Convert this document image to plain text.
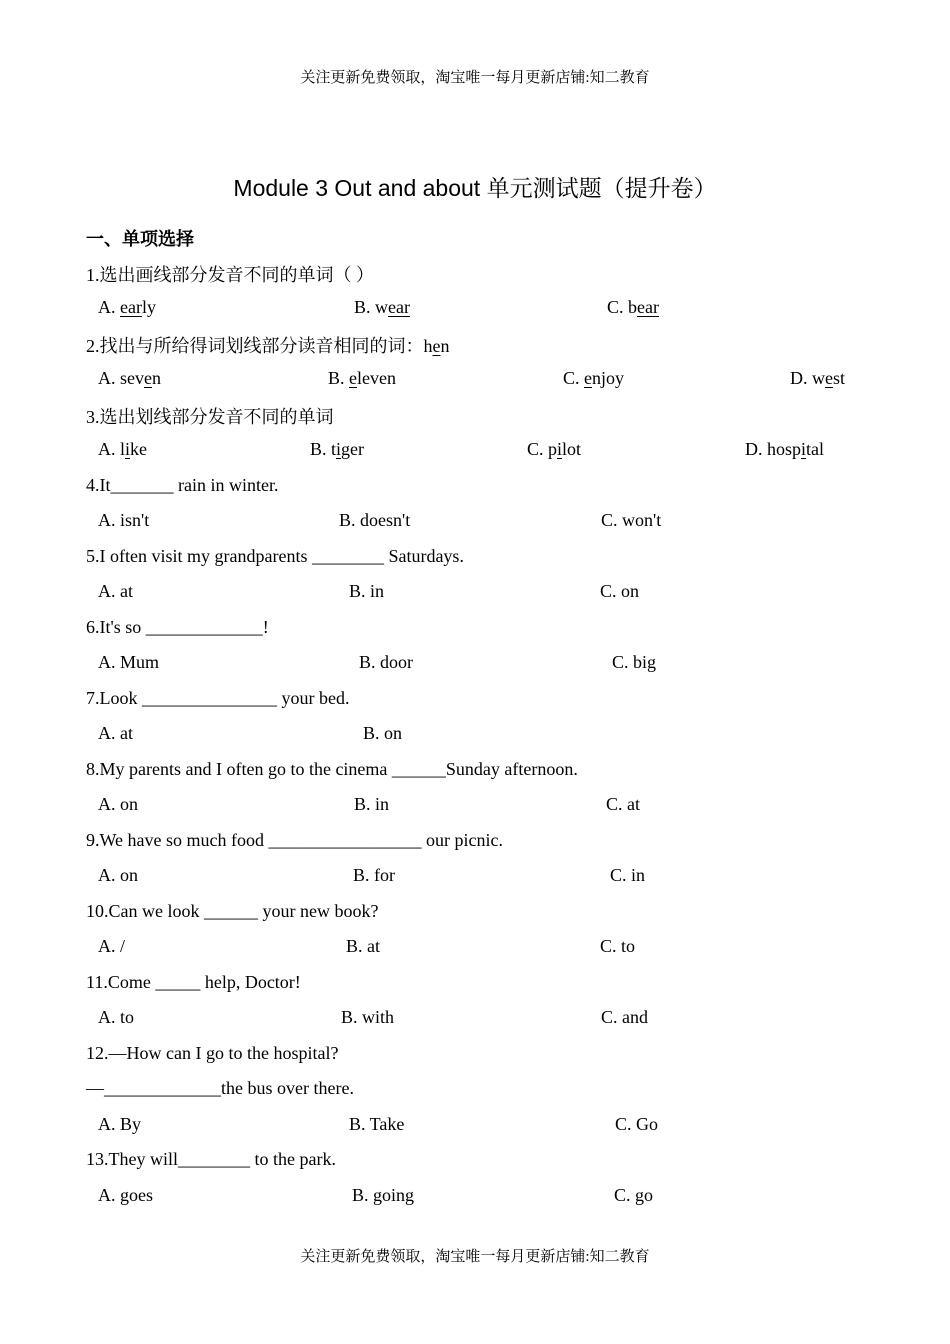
关注更新免费领取，淘宝唯一每月更新店铺:知二教育
Module 3 Out and about 单元测试题（提升卷）
一、单项选择
1.选出画线部分发音不同的单词（ ）
A. early	B. wear	C. bear
2.找出与所给得词划线部分读音相同的词：hen
A. seven	B. eleven	C. enjoy	D. west
3.选出划线部分发音不同的单词
A. like	B. tiger	C. pilot	D. hospital
4.It_______ rain in winter.
A. isn't	B. doesn't	C. won't
5.I often visit my grandparents ________ Saturdays.
A. at	B. in	C. on
6.It's so _____________!
A. Mum	B. door	C. big
7.Look _______________ your bed.
A. at	B. on
8.My parents and I often go to the cinema ______Sunday afternoon.
A. on	B. in	C. at
9.We have so much food _________________ our picnic.
A. on	B. for	C. in
10.Can we look ______ your new book?
A. /	B. at	C. to
11.Come _____ help, Doctor!
A. to	B. with	C. and
12.—How can I go to the hospital?
—_____________the bus over there.
A. By	B. Take	C. Go
13.They will________ to the park.
A. goes	B. going	C. go
关注更新免费领取，淘宝唯一每月更新店铺:知二教育
